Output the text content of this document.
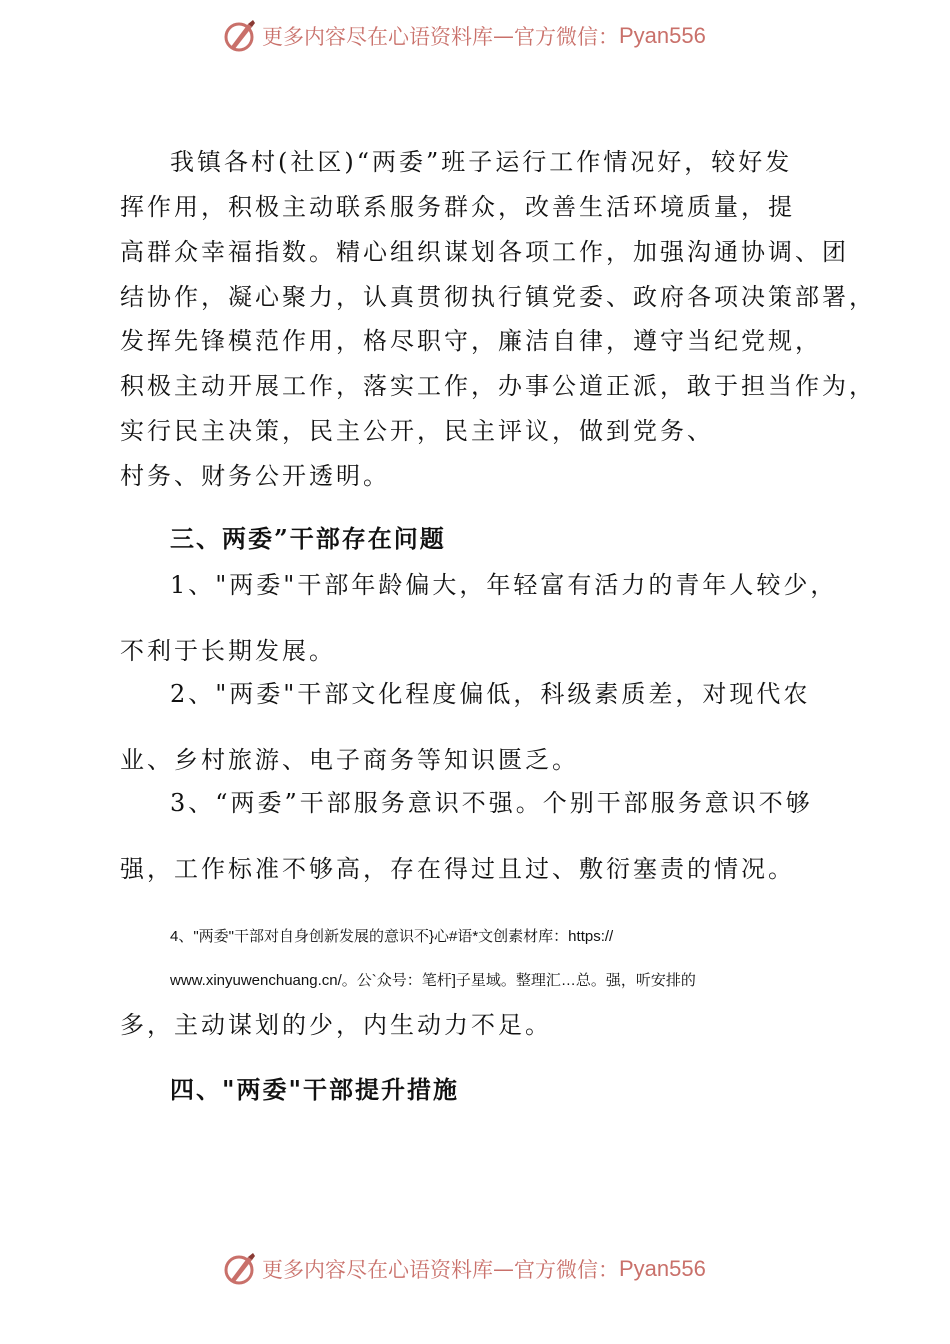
更多内容尽在心语资料库 — 官方微信： Pyan556
我镇各村(社区)“两委”班子运行工作情况好，较好发
挥作用，积极主动联系服务群众，改善生活环境质量，提
高群众幸福指数。精心组织谋划各项工作，加强沟通协调、团
结协作，凝心聚力，认真贯彻执行镇党委、政府各项决策部署，
发挥先锋模范作用，格尽职守，廉洁自律，遵守当纪党规，
积极主动开展工作，落实工作，办事公道正派，敢于担当作为，
实行民主决策，民主公开，民主评议，做到党务、
村务、财务公开透明。
三、两委”干部存在问题
1、"两委"干部年龄偏大，年轻富有活力的青年人较少，
不利于长期发展。
2、"两委"干部文化程度偏低，科级素质差，对现代农
业、乡村旅游、电子商务等知识匮乏。
3、“两委”干部服务意识不强。个别干部服务意识不够
强，工作标准不够高，存在得过且过、敷衍塞责的情况。
4、"两委"干部对自身创新发展的意识不}心#语*文创素材库：https://
www.xinyuwenchuang.cn/。公`众号：笔杆]子星域。整理汇…总。强，听安排的
多，主动谋划的少，内生动力不足。
四、"两委"干部提升措施
更多内容尽在心语资料库 — 官方微信： Pyan556
